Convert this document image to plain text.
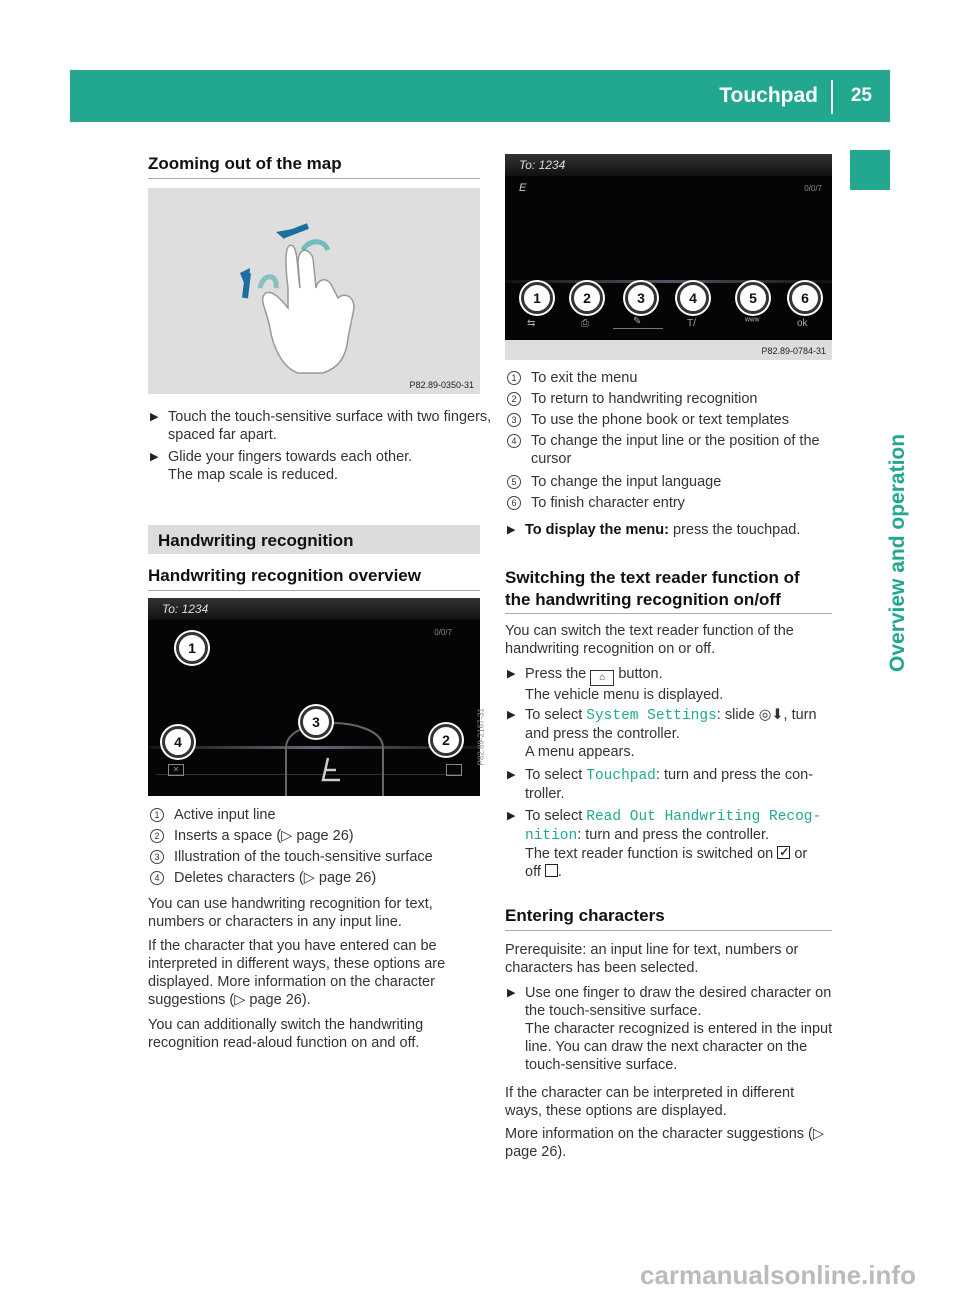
Touchpad 25
Overview and operation
Zooming out of the map
P82.89-0350-31
▶ Touch the touch-sensitive surface with two fingers, spaced far apart.
▶ Glide your fingers towards each other.
The map scale is reduced.
Handwriting recognition
Handwriting recognition overview
To: 1234
0/0/7
✕
1
2
3
4	P82.89-2167-31
1	Active input line
2	Inserts a space (▷ page 26)
3	Illustration of the touch-sensitive surface
4	Deletes characters (▷ page 26)
You can use handwriting recognition for text, numbers or characters in any input line.
If the character that you have entered can be interpreted in different ways, these options are displayed. More information on the character suggestions (▷ page 26).
You can additionally switch the handwriting recognition read-aloud function on and off.
To: 1234
E	0/0/7
1	2	3	4	5	6
⇆	⎙	✎	T/	ʷʷʷ	ok
P82.89-0784-31
1	To exit the menu
2	To return to handwriting recognition
3	To use the phone book or text templates
4	To change the input line or the position of the cursor
5	To change the input language
6	To finish character entry
▶ To display the menu: press the touchpad.
Switching the text reader function of
the handwriting recognition on/off
You can switch the text reader function of the handwriting recognition on or off.
▶ Press the ⌂ button.
The vehicle menu is displayed.
▶ To select System Settings: slide ◎⬇, turn
and press the controller.
A menu appears.
▶ To select Touchpad: turn and press the con-
troller.
▶ To select Read Out Handwriting Recog‐
nition: turn and press the controller.
The text reader function is switched on ✓ or
off .
Entering characters
Prerequisite: an input line for text, numbers or characters has been selected.
▶ Use one finger to draw the desired character on the touch-sensitive surface.
The character recognized is entered in the input line. You can draw the next character on the touch-sensitive surface.
If the character can be interpreted in different ways, these options are displayed.
More information on the character suggestions (▷ page 26).
carmanualsonline.info
